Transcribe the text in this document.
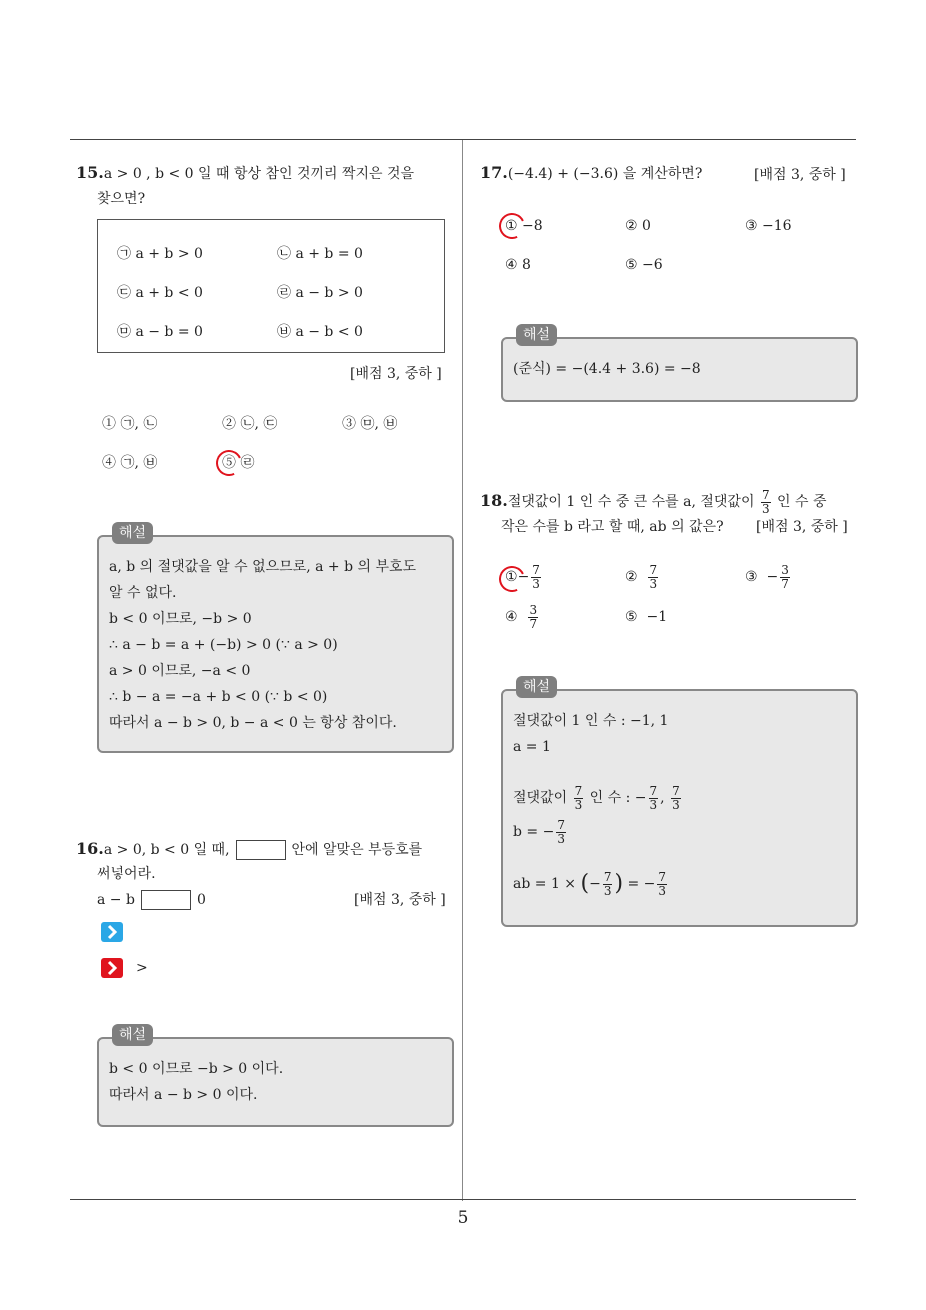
15.a > 0 , b < 0 일 때 항상 참인 것끼리 짝지은 것을
찾으면?
㉠ a + b > 0	㉡ a + b = 0
㉢ a + b < 0	㉣ a − b > 0
㉤ a − b = 0	㉥ a − b < 0
[배점 3, 중하 ]
① ㉠, ㉡	② ㉡, ㉢	③ ㉤, ㉥
④ ㉠, ㉥	⑤ ㉣
a, b 의 절댓값을 알 수 없으므로, a + b 의 부호도
알 수 없다.
b < 0 이므로, −b > 0
∴ a − b = a + (−b) > 0 (∵ a > 0)
a > 0 이므로, −a < 0
∴ b − a = −a + b < 0 (∵ b < 0)
따라서 a − b > 0, b − a < 0 는 항상 참이다.
해설
16.a > 0, b < 0 일 때,	안에 알맞은 부등호를
써넣어라.
a − b	0	[배점 3, 중하 ]
>
b < 0 이므로 −b > 0 이다.
따라서 a − b > 0 이다.
해설
17.(−4.4) + (−3.6) 을 계산하면?	[배점 3, 중하 ]
① −8	② 0	③ −16
④ 8	⑤ −6
(준식) = −(4.4 + 3.6) = −8
해설
18.절댓값이 1 인 수 중 큰 수를 a, 절댓값이 $\frac{7}{3}$ 인 수 중
작은 수를 b 라고 할 때, ab 의 값은? [배점 3, 중하 ]
①− $\frac{7}{3}$	② $\frac{7}{3}$	③ − $\frac{3}{7}$
④ $\frac{3}{7}$	⑤ −1
절댓값이 1 인 수 : −1, 1
a = 1
절댓값이 $\frac{7}{3}$ 인 수 : − $\frac{7}{3}$ , $\frac{7}{3}$
b = − $\frac{7}{3}$
ab = 1 × (− $\frac{7}{3}$ ) = − $\frac{7}{3}$
해설
5
